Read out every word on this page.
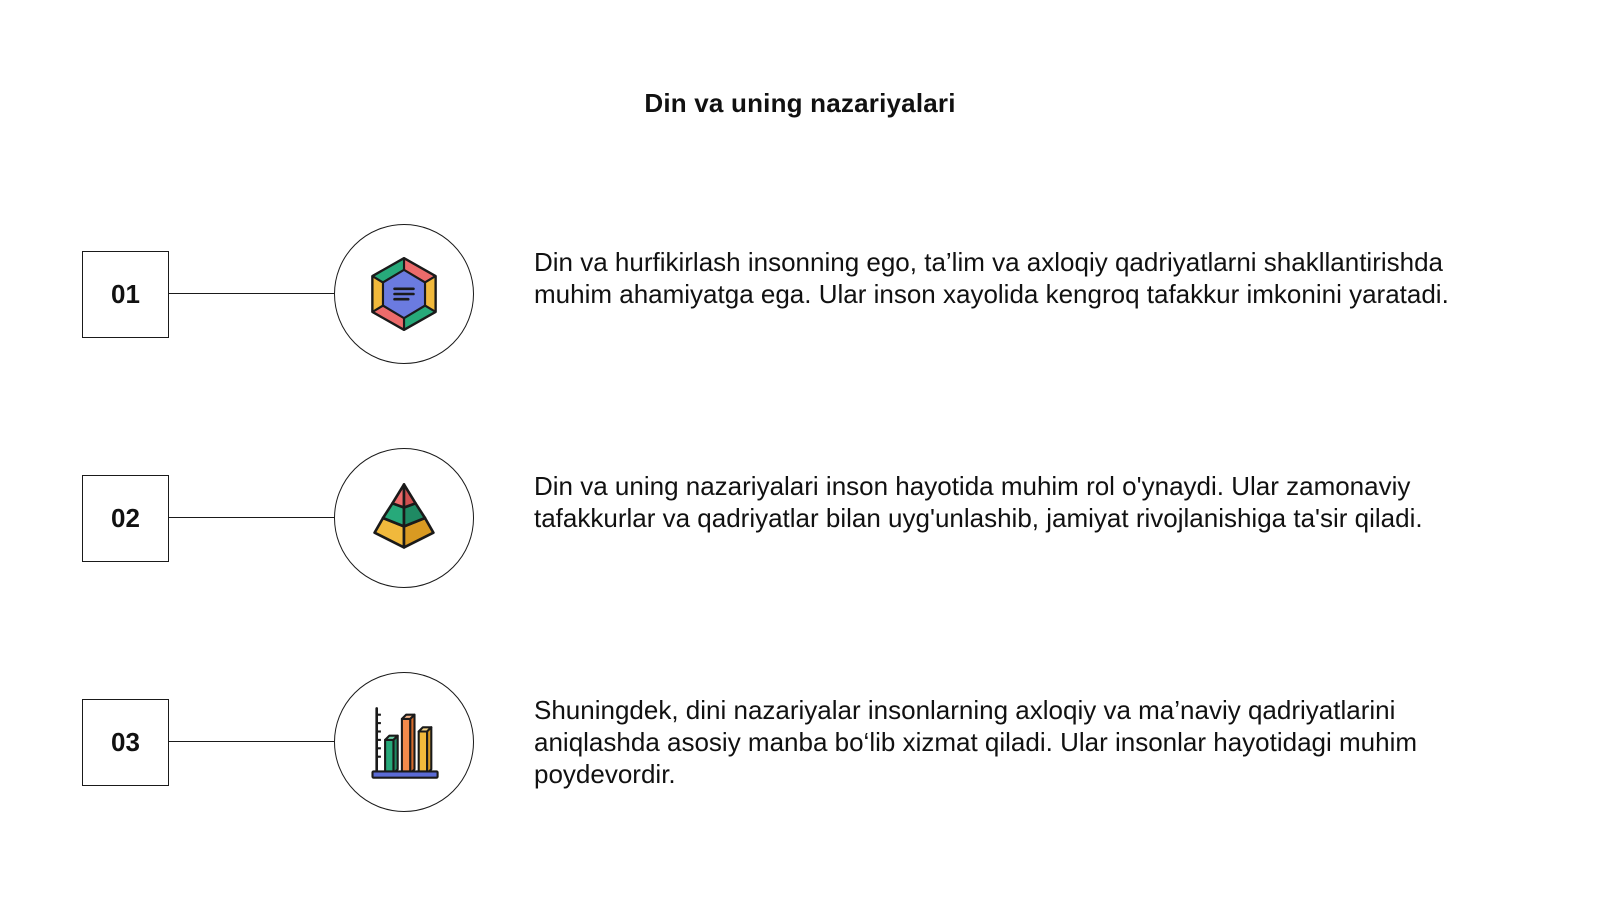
Din va uning nazariyalari
01
Din va hurfikirlash insonning ego, ta’lim va axloqiy qadriyatlarni shakllantirishda muhim ahamiyatga ega. Ular inson xayolida kengroq tafakkur imkonini yaratadi.
02
Din va uning nazariyalari inson hayotida muhim rol o'ynaydi. Ular zamonaviy tafakkurlar va qadriyatlar bilan uyg'unlashib, jamiyat rivojlanishiga ta'sir qiladi.
03
Shuningdek, dini nazariyalar insonlarning axloqiy va ma’naviy qadriyatlarini aniqlashda asosiy manba bo‘lib xizmat qiladi. Ular insonlar hayotidagi muhim poydevordir.
